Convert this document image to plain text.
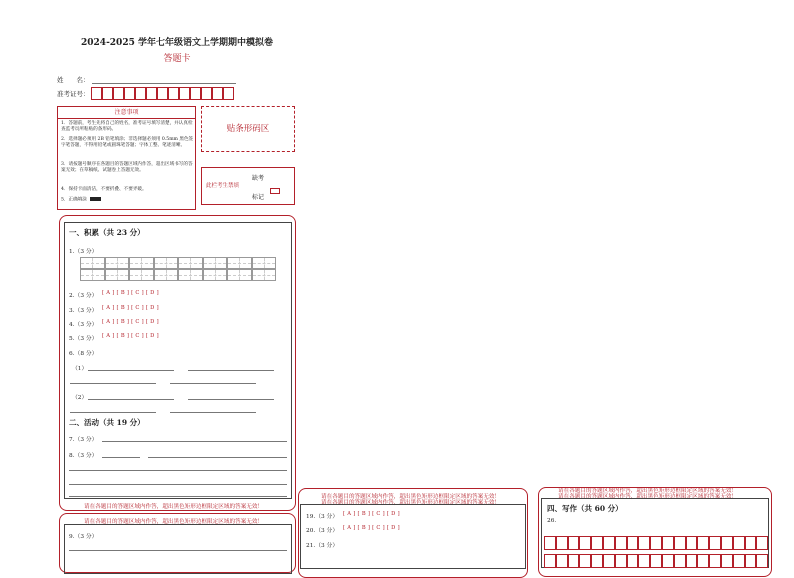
2024-2025 学年七年级语文上学期期中模拟卷
答题卡
姓　　名：
准考证号：
注意事项
1．答题前，考生先将自己的姓名，准考证号填写清楚，并认真检查监考员所粘贴的条形码。
2．选择题必须用 2B 铅笔填涂；非选择题必须用 0.5mm 黑色签字笔答题，不得用铅笔或圆珠笔答题；字体工整、笔迹清晰。
3．请按题号顺序在各题目的答题区域内作答，超出区域书写的答案无效；在草稿纸、试题卷上答题无效。
4．保持卡面清洁，不要折叠、不要弄破。
5．正确填涂
贴条形码区
此栏考生禁填
缺考
标记
一、积累（共 23 分）
1.（3 分）
2.（3 分） [ A ] [ B ] [ C ] [ D ]
3.（3 分） [ A ] [ B ] [ C ] [ D ]
4.（3 分） [ A ] [ B ] [ C ] [ D ]
5.（3 分） [ A ] [ B ] [ C ] [ D ]
6.（8 分）
（1）
（2）
二、活动（共 19 分）
7.（3 分）
8.（3 分）
请在各题目的答题区域内作答，超出黑色矩形边框限定区域的答案无效！
请在各题目的答题区域内作答，超出黑色矩形边框限定区域的答案无效！
9.（3 分）
请在各题目的答题区域内作答，超出黑色矩形边框限定区域的答案无效！
请在各题目的答题区域内作答，超出黑色矩形边框限定区域的答案无效！
19.（3 分） [ A ] [ B ] [ C ] [ D ]
20.（3 分） [ A ] [ B ] [ C ] [ D ]
21.（3 分）
请在各题目的答题区域内作答，超出黑色矩形边框限定区域的答案无效！
请在各题目的答题区域内作答，超出黑色矩形边框限定区域的答案无效！
四、写作（共 60 分）
26.
